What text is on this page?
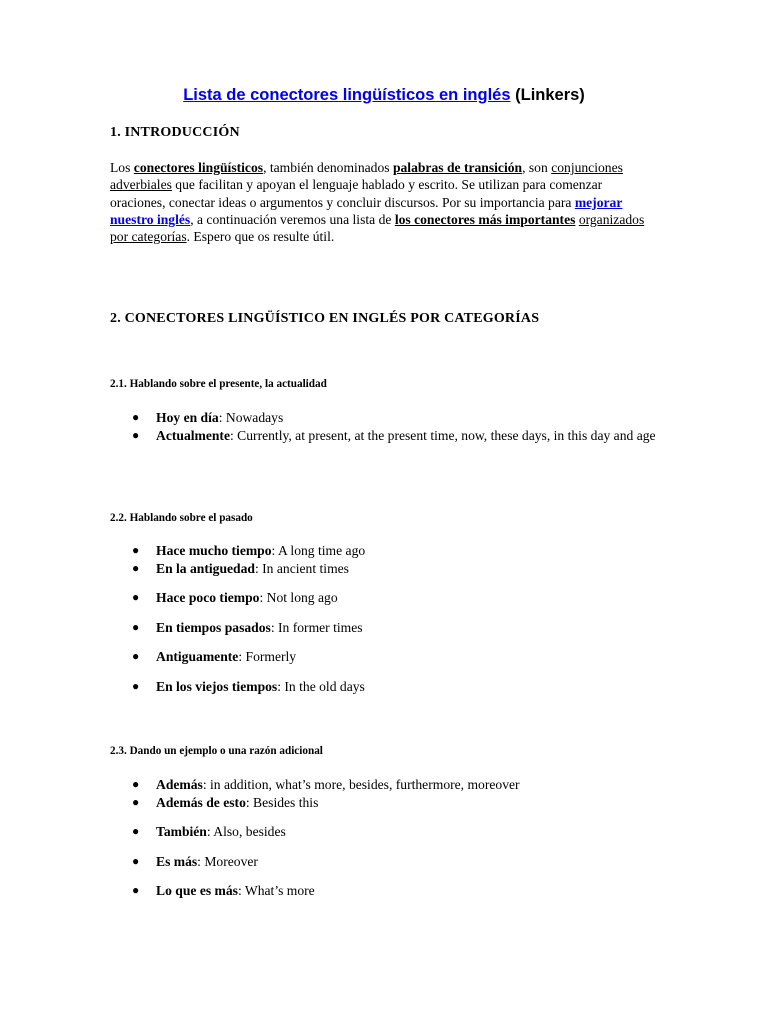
Lista de conectores lingüísticos en inglés (Linkers)
1. INTRODUCCIÓN
Los conectores lingüísticos, también denominados palabras de transición, son conjunciones adverbiales que facilitan y apoyan el lenguaje hablado y escrito. Se utilizan para comenzar oraciones, conectar ideas o argumentos y concluir discursos. Por su importancia para mejorar nuestro inglés, a continuación veremos una lista de los conectores más importantes organizados por categorías. Espero que os resulte útil.
2. CONECTORES LINGÜÍSTICO EN INGLÉS POR CATEGORÍAS
2.1. Hablando sobre el presente, la actualidad
● Hoy en día: Nowadays
● Actualmente: Currently, at present, at the present time, now, these days, in this day and age
2.2. Hablando sobre el pasado
● Hace mucho tiempo: A long time ago
● En la antiguedad: In ancient times
● Hace poco tiempo: Not long ago
● En tiempos pasados: In former times
● Antiguamente: Formerly
● En los viejos tiempos: In the old days
2.3. Dando un ejemplo o una razón adicional
● Además: in addition, what’s more, besides, furthermore, moreover
● Además de esto: Besides this
● También: Also, besides
● Es más: Moreover
● Lo que es más: What’s more
